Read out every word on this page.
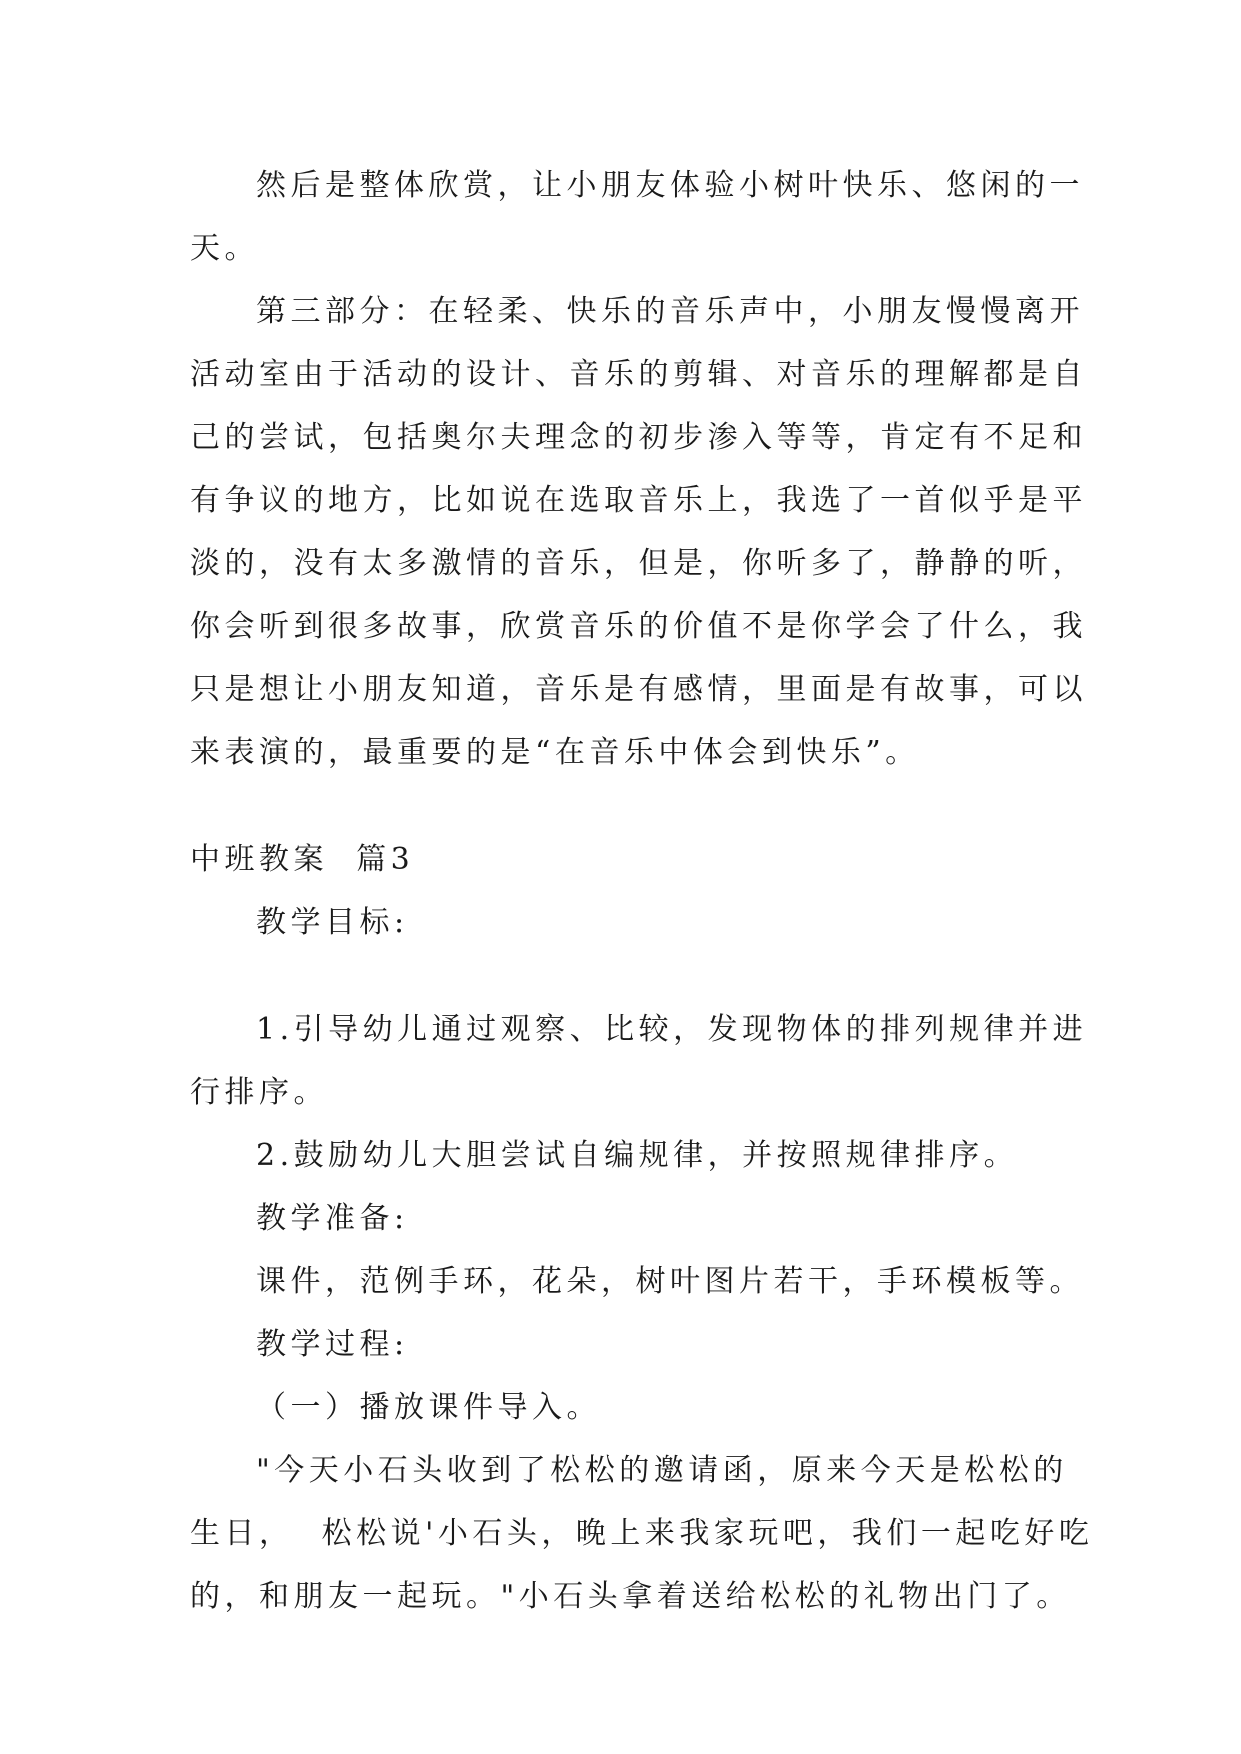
然后是整体欣赏，让小朋友体验小树叶快乐、悠闲的一
天。
第三部分：在轻柔、快乐的音乐声中，小朋友慢慢离开
活动室由于活动的设计、音乐的剪辑、对音乐的理解都是自
己的尝试，包括奥尔夫理念的初步渗入等等，肯定有不足和
有争议的地方，比如说在选取音乐上，我选了一首似乎是平
淡的，没有太多激情的音乐，但是，你听多了，静静的听，
你会听到很多故事，欣赏音乐的价值不是你学会了什么，我
只是想让小朋友知道，音乐是有感情，里面是有故事，可以
来表演的，最重要的是“在音乐中体会到快乐”。
中班教案  篇3
教学目标:
1.引导幼儿通过观察、比较，发现物体的排列规律并进
行排序。
2.鼓励幼儿大胆尝试自编规律，并按照规律排序。
教学准备:
课件，范例手环，花朵，树叶图片若干，手环模板等。
教学过程:
（一）播放课件导入。
"今天小石头收到了松松的邀请函，原来今天是松松的
生日，  松松说'小石头，晚上来我家玩吧，我们一起吃好吃
的，和朋友一起玩。"小石头拿着送给松松的礼物出门了。
